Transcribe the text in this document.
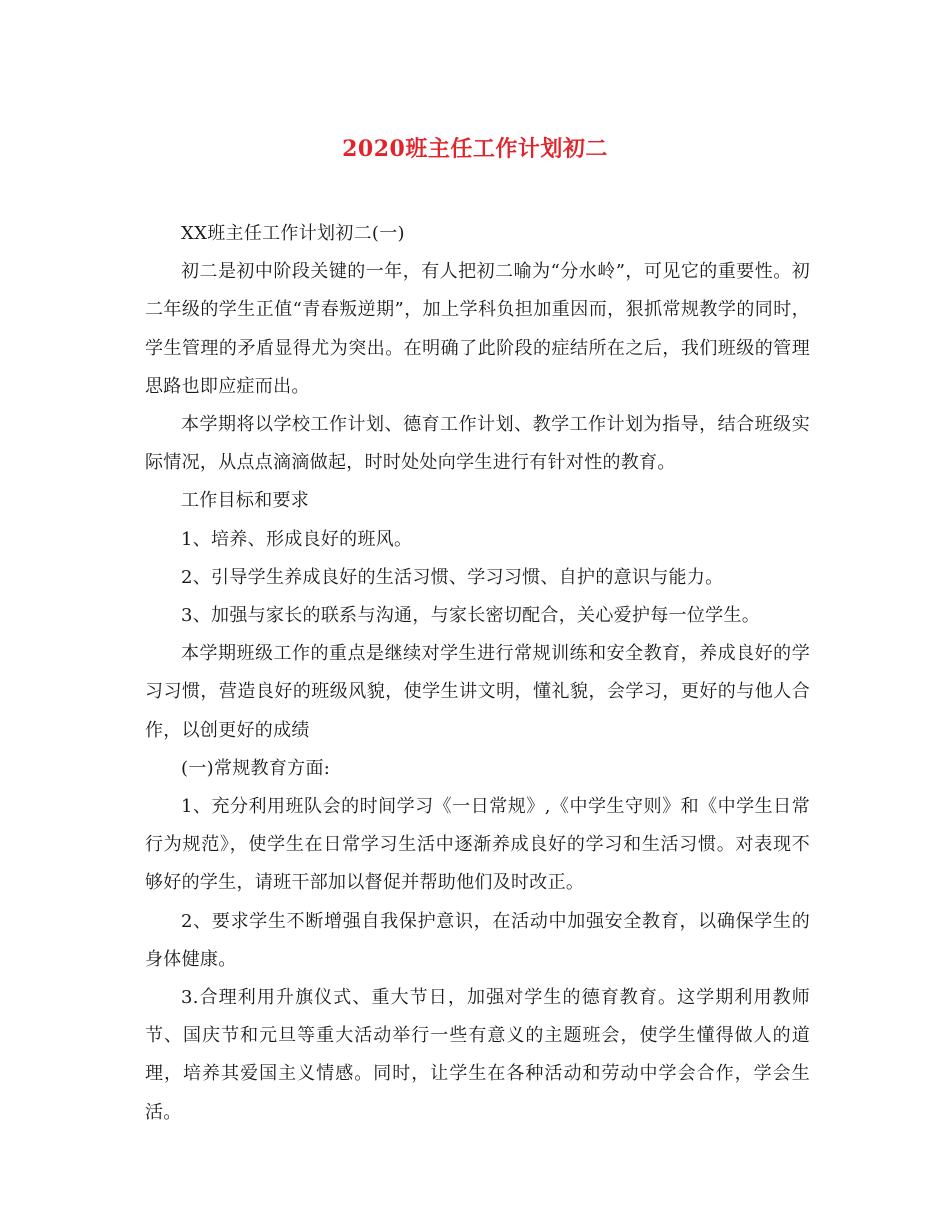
2020班主任工作计划初二

XX班主任工作计划初二(一)

初二是初中阶段关键的一年，有人把初二喻为“分水岭”，可见它的重要性。初二年级的学生正值“青春叛逆期”，加上学科负担加重因而，狠抓常规教学的同时，学生管理的矛盾显得尤为突出。在明确了此阶段的症结所在之后，我们班级的管理思路也即应症而出。

本学期将以学校工作计划、德育工作计划、教学工作计划为指导，结合班级实际情况，从点点滴滴做起，时时处处向学生进行有针对性的教育。

工作目标和要求

1、培养、形成良好的班风。

2、引导学生养成良好的生活习惯、学习习惯、自护的意识与能力。

3、加强与家长的联系与沟通，与家长密切配合，关心爱护每一位学生。

本学期班级工作的重点是继续对学生进行常规训练和安全教育，养成良好的学习习惯，营造良好的班级风貌，使学生讲文明，懂礼貌，会学习，更好的与他人合作，以创更好的成绩

(一)常规教育方面:

1、充分利用班队会的时间学习《一日常规》,《中学生守则》和《中学生日常行为规范》，使学生在日常学习生活中逐渐养成良好的学习和生活习惯。对表现不够好的学生，请班干部加以督促并帮助他们及时改正。

2、要求学生不断增强自我保护意识，在活动中加强安全教育，以确保学生的身体健康。

3.合理利用升旗仪式、重大节日，加强对学生的德育教育。这学期利用教师节、国庆节和元旦等重大活动举行一些有意义的主题班会，使学生懂得做人的道理，培养其爱国主义情感。同时，让学生在各种活动和劳动中学会合作，学会生活。
